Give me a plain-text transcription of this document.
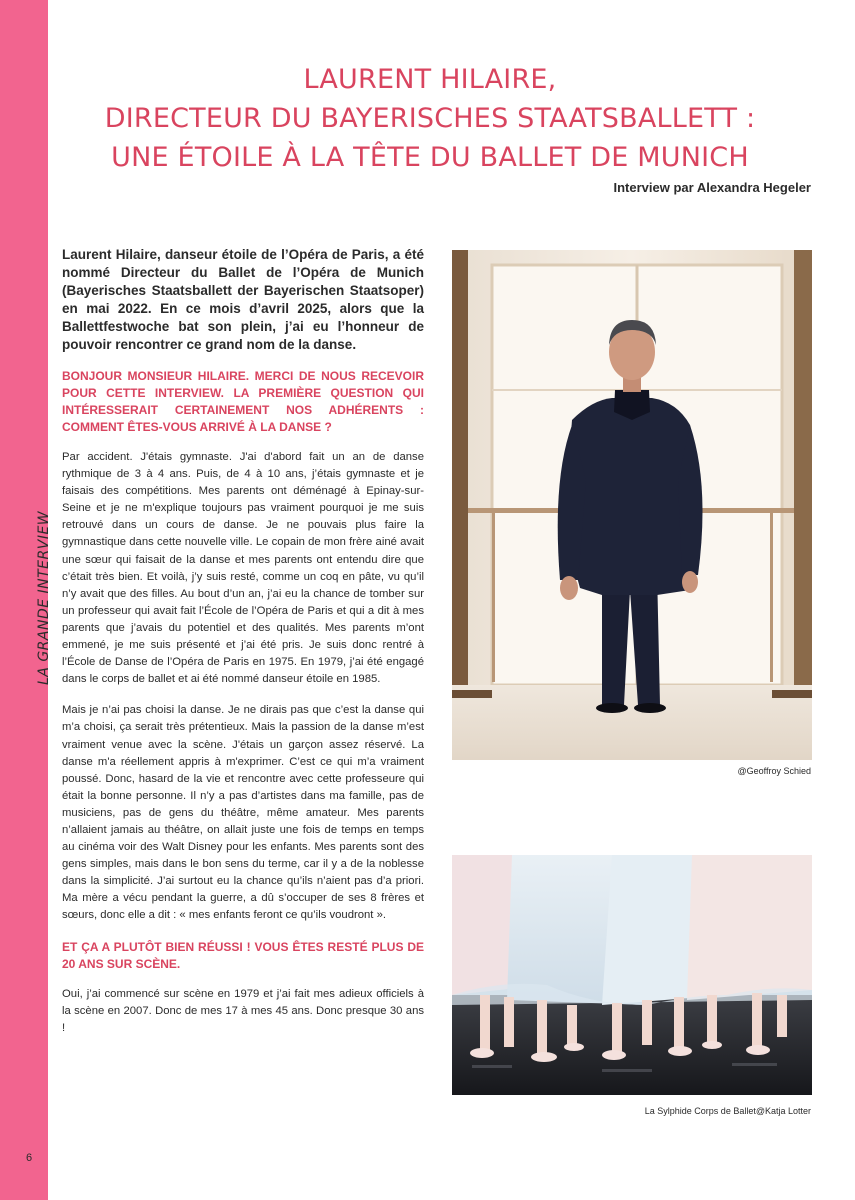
LA GRANDE INTERVIEW
6
LAURENT HILAIRE,
DIRECTEUR DU BAYERISCHES STAATSBALLETT :
UNE ÉTOILE À LA TÊTE DU BALLET DE MUNICH
Interview par Alexandra Hegeler

Laurent Hilaire, danseur étoile de l’Opéra de Paris, a été nommé Directeur du Ballet de l’Opéra de Munich (Bayerisches Staatsballett der Bayerischen Staatsoper) en mai 2022. En ce mois d’avril 2025, alors que la Ballettfestwoche bat son plein, j’ai eu l’honneur de pouvoir rencontrer ce grand nom de la danse.

BONJOUR MONSIEUR HILAIRE. MERCI DE NOUS RECEVOIR POUR CETTE INTERVIEW. LA PREMIÈRE QUESTION QUI INTÉRESSERAIT CERTAINEMENT NOS ADHÉRENTS : COMMENT ÊTES-VOUS ARRIVÉ À LA DANSE ?

Par accident. J'étais gymnaste. J'ai d'abord fait un an de danse rythmique de 3 à 4 ans. Puis, de 4 à 10 ans, j’étais gymnaste et je faisais des compétitions. Mes parents ont déménagé à Epinay-sur-Seine et je ne m'explique toujours pas vraiment pourquoi je me suis retrouvé dans un cours de danse. Je ne pouvais plus faire la gymnastique dans cette nouvelle ville. Le copain de mon frère ainé avait une sœur qui faisait de la danse et mes parents ont entendu dire que c’était très bien. Et voilà, j’y suis resté, comme un coq en pâte, vu qu’il n’y avait que des filles. Au bout d’un an, j’ai eu la chance de tomber sur un professeur qui avait fait l’École de l’Opéra de Paris et qui a dit à mes parents que j’avais du potentiel et des qualités. Mes parents m’ont emmené, je me suis présenté et j’ai été pris. Je suis donc rentré à l’École de Danse de l’Opéra de Paris en 1975. En 1979, j’ai été engagé dans le corps de ballet et ai été nommé danseur étoile en 1985.

Mais je n’ai pas choisi la danse. Je ne dirais pas que c’est la danse qui m’a choisi, ça serait très prétentieux. Mais la passion de la danse m’est vraiment venue avec la scène. J'étais un garçon assez réservé. La danse m'a réellement appris à m'exprimer. C’est ce qui m’a vraiment poussé. Donc, hasard de la vie et rencontre avec cette professeure qui était la bonne personne. Il n’y a pas d’artistes dans ma famille, pas de musiciens, pas de gens du théâtre, même amateur. Mes parents n’allaient jamais au théâtre, on allait juste une fois de temps en temps au cinéma voir des Walt Disney pour les enfants. Mes parents sont des gens simples, mais dans le bon sens du terme, car il y a de la noblesse dans la simplicité. J’ai surtout eu la chance qu’ils n’aient pas d’a priori. Ma mère a vécu pendant la guerre, a dû s’occuper de ses 8 frères et sœurs, donc elle a dit : « mes enfants feront ce qu’ils voudront ».

ET ÇA A PLUTÔT BIEN RÉUSSI ! VOUS ÊTES RESTÉ PLUS DE 20 ANS SUR SCÈNE.

Oui, j’ai commencé sur scène en 1979 et j’ai fait mes adieux officiels à la scène en 2007. Donc de mes 17 à mes 45 ans. Donc presque 30 ans !

@Geoffroy Schied
La Sylphide Corps de Ballet@Katja Lotter
